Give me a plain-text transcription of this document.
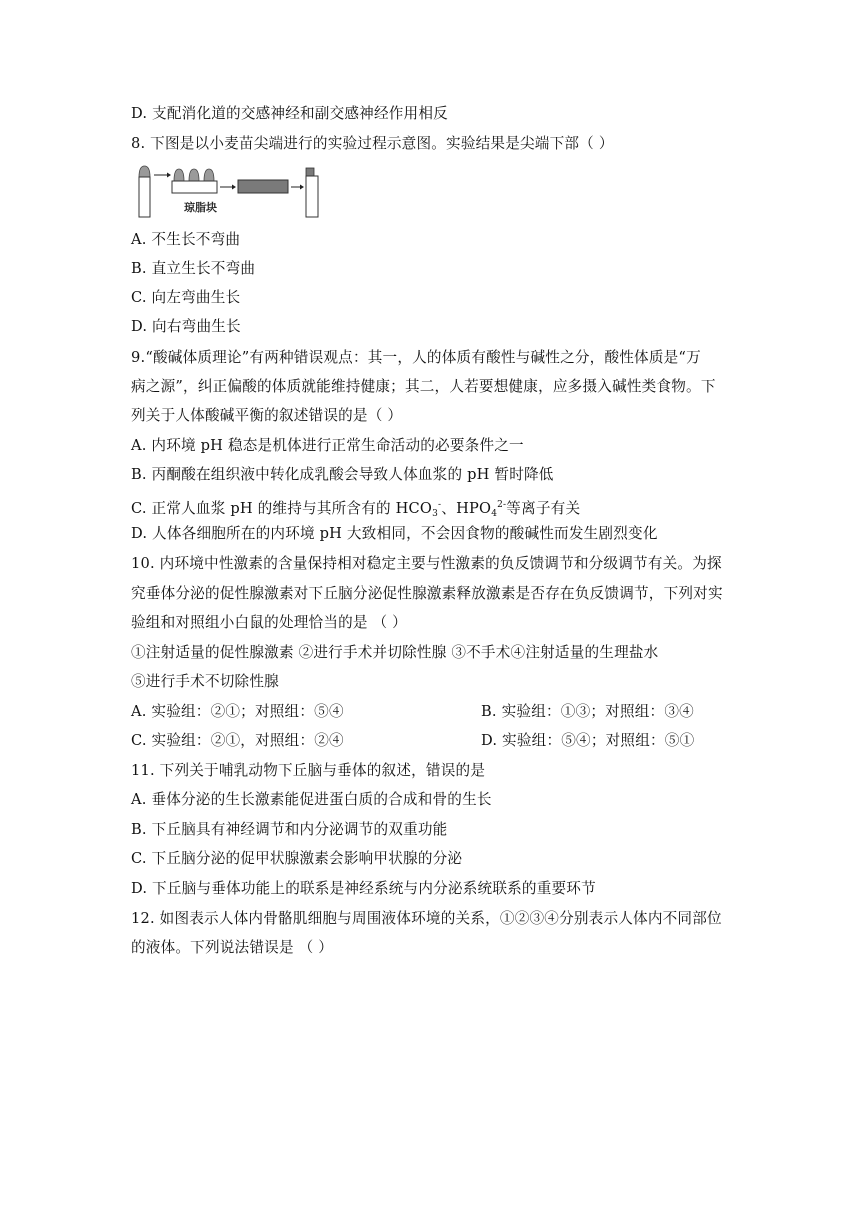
D. 支配消化道的交感神经和副交感神经作用相反
8. 下图是以小麦苗尖端进行的实验过程示意图。实验结果是尖端下部（ ）
琼脂块
A. 不生长不弯曲
B. 直立生长不弯曲
C. 向左弯曲生长
D. 向右弯曲生长
9.“酸碱体质理论”有两种错误观点：其一，人的体质有酸性与碱性之分，酸性体质是“万
病之源”，纠正偏酸的体质就能维持健康；其二，人若要想健康，应多摄入碱性类食物。下
列关于人体酸碱平衡的叙述错误的是（ ）
A. 内环境 pH 稳态是机体进行正常生命活动的必要条件之一
B. 丙酮酸在组织液中转化成乳酸会导致人体血浆的 pH 暂时降低
C. 正常人血浆 pH 的维持与其所含有的 $HCO_3^-$、$HPO_4^{2-}$等离子有关
D. 人体各细胞所在的内环境 pH 大致相同，不会因食物的酸碱性而发生剧烈变化
10. 内环境中性激素的含量保持相对稳定主要与性激素的负反馈调节和分级调节有关。为探
究垂体分泌的促性腺激素对下丘脑分泌促性腺激素释放激素是否存在负反馈调节，下列对实
验组和对照组小白鼠的处理恰当的是 （ ）
①注射适量的促性腺激素 ②进行手术并切除性腺 ③不手术④注射适量的生理盐水
⑤进行手术不切除性腺
A. 实验组：②①；对照组：⑤④	B. 实验组：①③；对照组：③④
C. 实验组：②①，对照组：②④	D. 实验组：⑤④；对照组：⑤①
11. 下列关于哺乳动物下丘脑与垂体的叙述，错误的是
A. 垂体分泌的生长激素能促进蛋白质的合成和骨的生长
B. 下丘脑具有神经调节和内分泌调节的双重功能
C. 下丘脑分泌的促甲状腺激素会影响甲状腺的分泌
D. 下丘脑与垂体功能上的联系是神经系统与内分泌系统联系的重要环节
12. 如图表示人体内骨骼肌细胞与周围液体环境的关系，①②③④分别表示人体内不同部位
的液体。下列说法错误是 （ ）
